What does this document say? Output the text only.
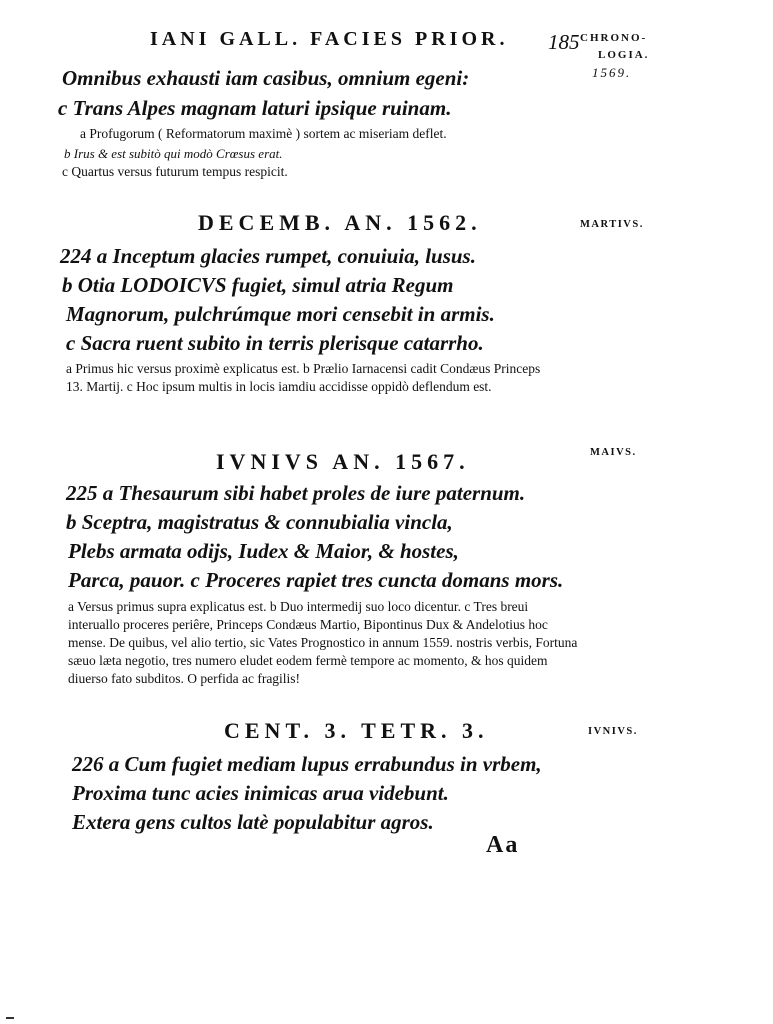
IANI GALL. FACIES PRIOR. 185 CHRONO-
LOGIA.
1569.
Omnibus exhausti iam casibus, omnium egeni:
c Trans Alpes magnam laturi ipsique ruinam.
a Profugorum ( Reformatorum maximè ) sortem ac miseriam deflet.
b Irus & est subitò qui modò Crœsus erat.
c Quartus versus futurum tempus respicit.
DECEMB. AN. 1562.	MARTIVS.
224 a Inceptum glacies rumpet, conuiuia, lusus.
b Otia LODOICVS fugiet, simul atria Regum
Magnorum, pulchrúmque mori censebit in armis.
c Sacra ruent subito in terris plerisque catarrho.
a Primus hic versus proximè explicatus est. b Prælio Iarnacensi cadit Condæus Princeps 13. Martij. c Hoc ipsum multis in locis iamdiu accidisse oppidò deflendum est.
IVNIVS AN. 1567.	MAIVS.
225 a Thesaurum sibi habet proles de iure paternum.
b Sceptra, magistratus & connubialia vincla,
Plebs armata odijs, Iudex & Maior, & hostes,
Parca, pauor. c Proceres rapiet tres cuncta domans mors.
a Versus primus supra explicatus est. b Duo intermedij suo loco dicentur. c Tres breui interuallo proceres periêre, Princeps Condæus Martio, Bipontinus Dux & Andelotius hoc mense. De quibus, vel alio tertio, sic Vates Prognostico in annum 1559. nostris verbis, Fortuna sæuo læta negotio, tres numero eludet eodem fermè tempore ac momento, & hos quidem diuerso fato subditos. O perfida ac fragilis!
CENT. 3. TETR. 3.	IVNIVS.
226 a Cum fugiet mediam lupus errabundus in vrbem,
Proxima tunc acies inimicas arua videbunt.
Extera gens cultos latè populabitur agros.
Aa
